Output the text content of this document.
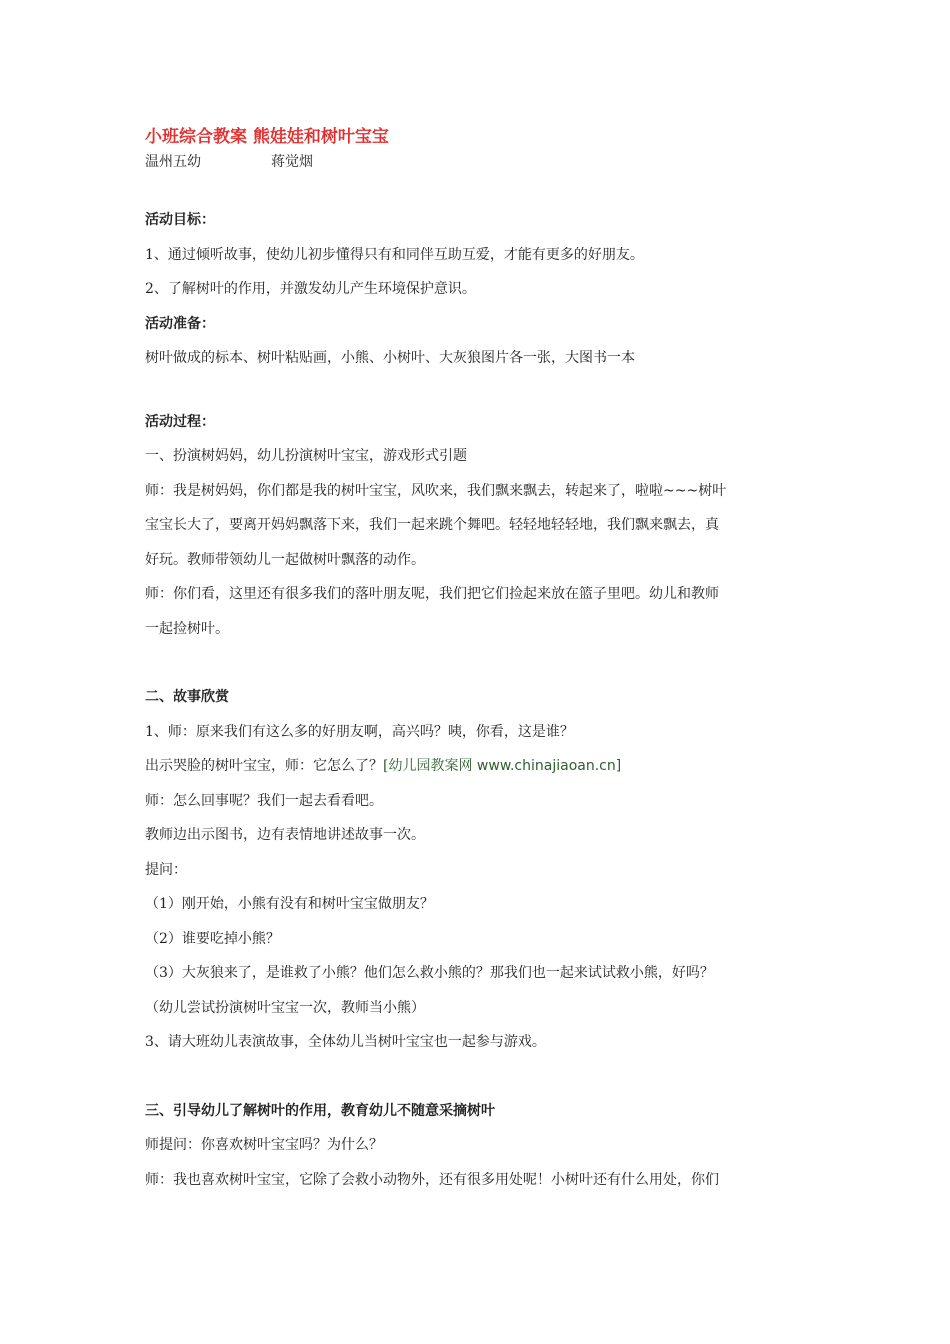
小班综合教案 熊娃娃和树叶宝宝
温州五幼	蒋觉烟
活动目标：
1、通过倾听故事，使幼儿初步懂得只有和同伴互助互爱，才能有更多的好朋友。
2、了解树叶的作用，并激发幼儿产生环境保护意识。
活动准备：
树叶做成的标本、树叶粘贴画，小熊、小树叶、大灰狼图片各一张，大图书一本
活动过程：
一、扮演树妈妈，幼儿扮演树叶宝宝，游戏形式引题
师：我是树妈妈，你们都是我的树叶宝宝，风吹来，我们飘来飘去，转起来了，啦啦~~~树叶
宝宝长大了，要离开妈妈飘落下来，我们一起来跳个舞吧。轻轻地轻轻地，我们飘来飘去，真
好玩。教师带领幼儿一起做树叶飘落的动作。
师：你们看，这里还有很多我们的落叶朋友呢，我们把它们捡起来放在篮子里吧。幼儿和教师
一起捡树叶。
二、故事欣赏
1、师：原来我们有这么多的好朋友啊，高兴吗？咦，你看，这是谁？
出示哭脸的树叶宝宝，师：它怎么了？[幼儿园教案网 www.chinajiaoan.cn]
师：怎么回事呢？我们一起去看看吧。
教师边出示图书，边有表情地讲述故事一次。
提问：
（1）刚开始，小熊有没有和树叶宝宝做朋友？
（2）谁要吃掉小熊？
（3）大灰狼来了，是谁救了小熊？他们怎么救小熊的？那我们也一起来试试救小熊，好吗？
（幼儿尝试扮演树叶宝宝一次，教师当小熊）
3、请大班幼儿表演故事，全体幼儿当树叶宝宝也一起参与游戏。
三、引导幼儿了解树叶的作用，教育幼儿不随意采摘树叶
师提问：你喜欢树叶宝宝吗？为什么？
师：我也喜欢树叶宝宝，它除了会救小动物外，还有很多用处呢！小树叶还有什么用处，你们
